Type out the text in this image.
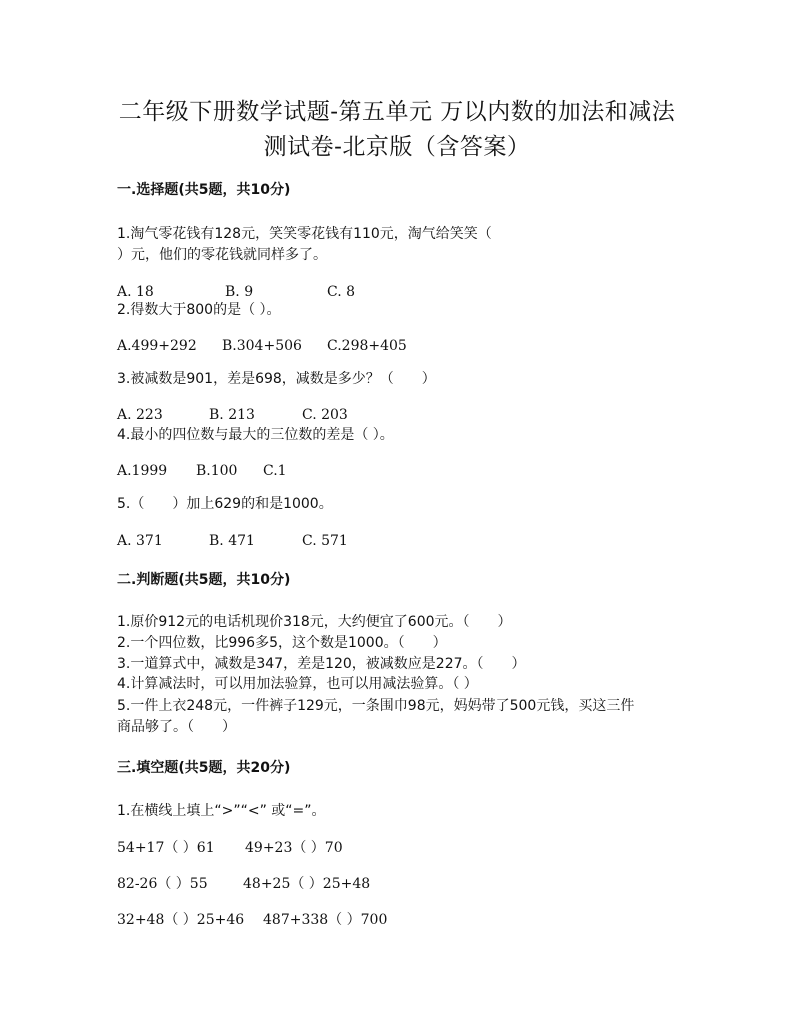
二年级下册数学试题-第五单元 万以内数的加法和减法
测试卷-北京版（含答案）
一.选择题(共5题，共10分)
1.淘气零花钱有128元，笑笑零花钱有110元，淘气给笑笑（
）元，他们的零花钱就同样多了。
A. 18	B. 9	C. 8
2.得数大于800的是（ ）。
A.499+292 B.304+506 C.298+405
3.被减数是901，差是698，减数是多少？（　　）
A. 223	B. 213	C. 203
4.最小的四位数与最大的三位数的差是（ ）。
A.1999 B.100 C.1
5.（　　）加上629的和是1000。
A. 371	B. 471	C. 571
二.判断题(共5题，共10分)
1.原价912元的电话机现价318元，大约便宜了600元。（　　）
2.一个四位数，比996多5，这个数是1000。（　　）
3.一道算式中，减数是347，差是120，被减数应是227。（　　）
4.计算减法时，可以用加法验算，也可以用减法验算。（ ）
5.一件上衣248元，一件裤子129元，一条围巾98元，妈妈带了500元钱，买这三件
商品够了。（　　）
三.填空题(共5题，共20分)
1.在横线上填上“>”“<” 或“=”。
54+17（ ）61 49+23（ ）70
82-26（ ）55	48+25（ ）25+48
32+48（ ）25+46 487+338（ ）700
